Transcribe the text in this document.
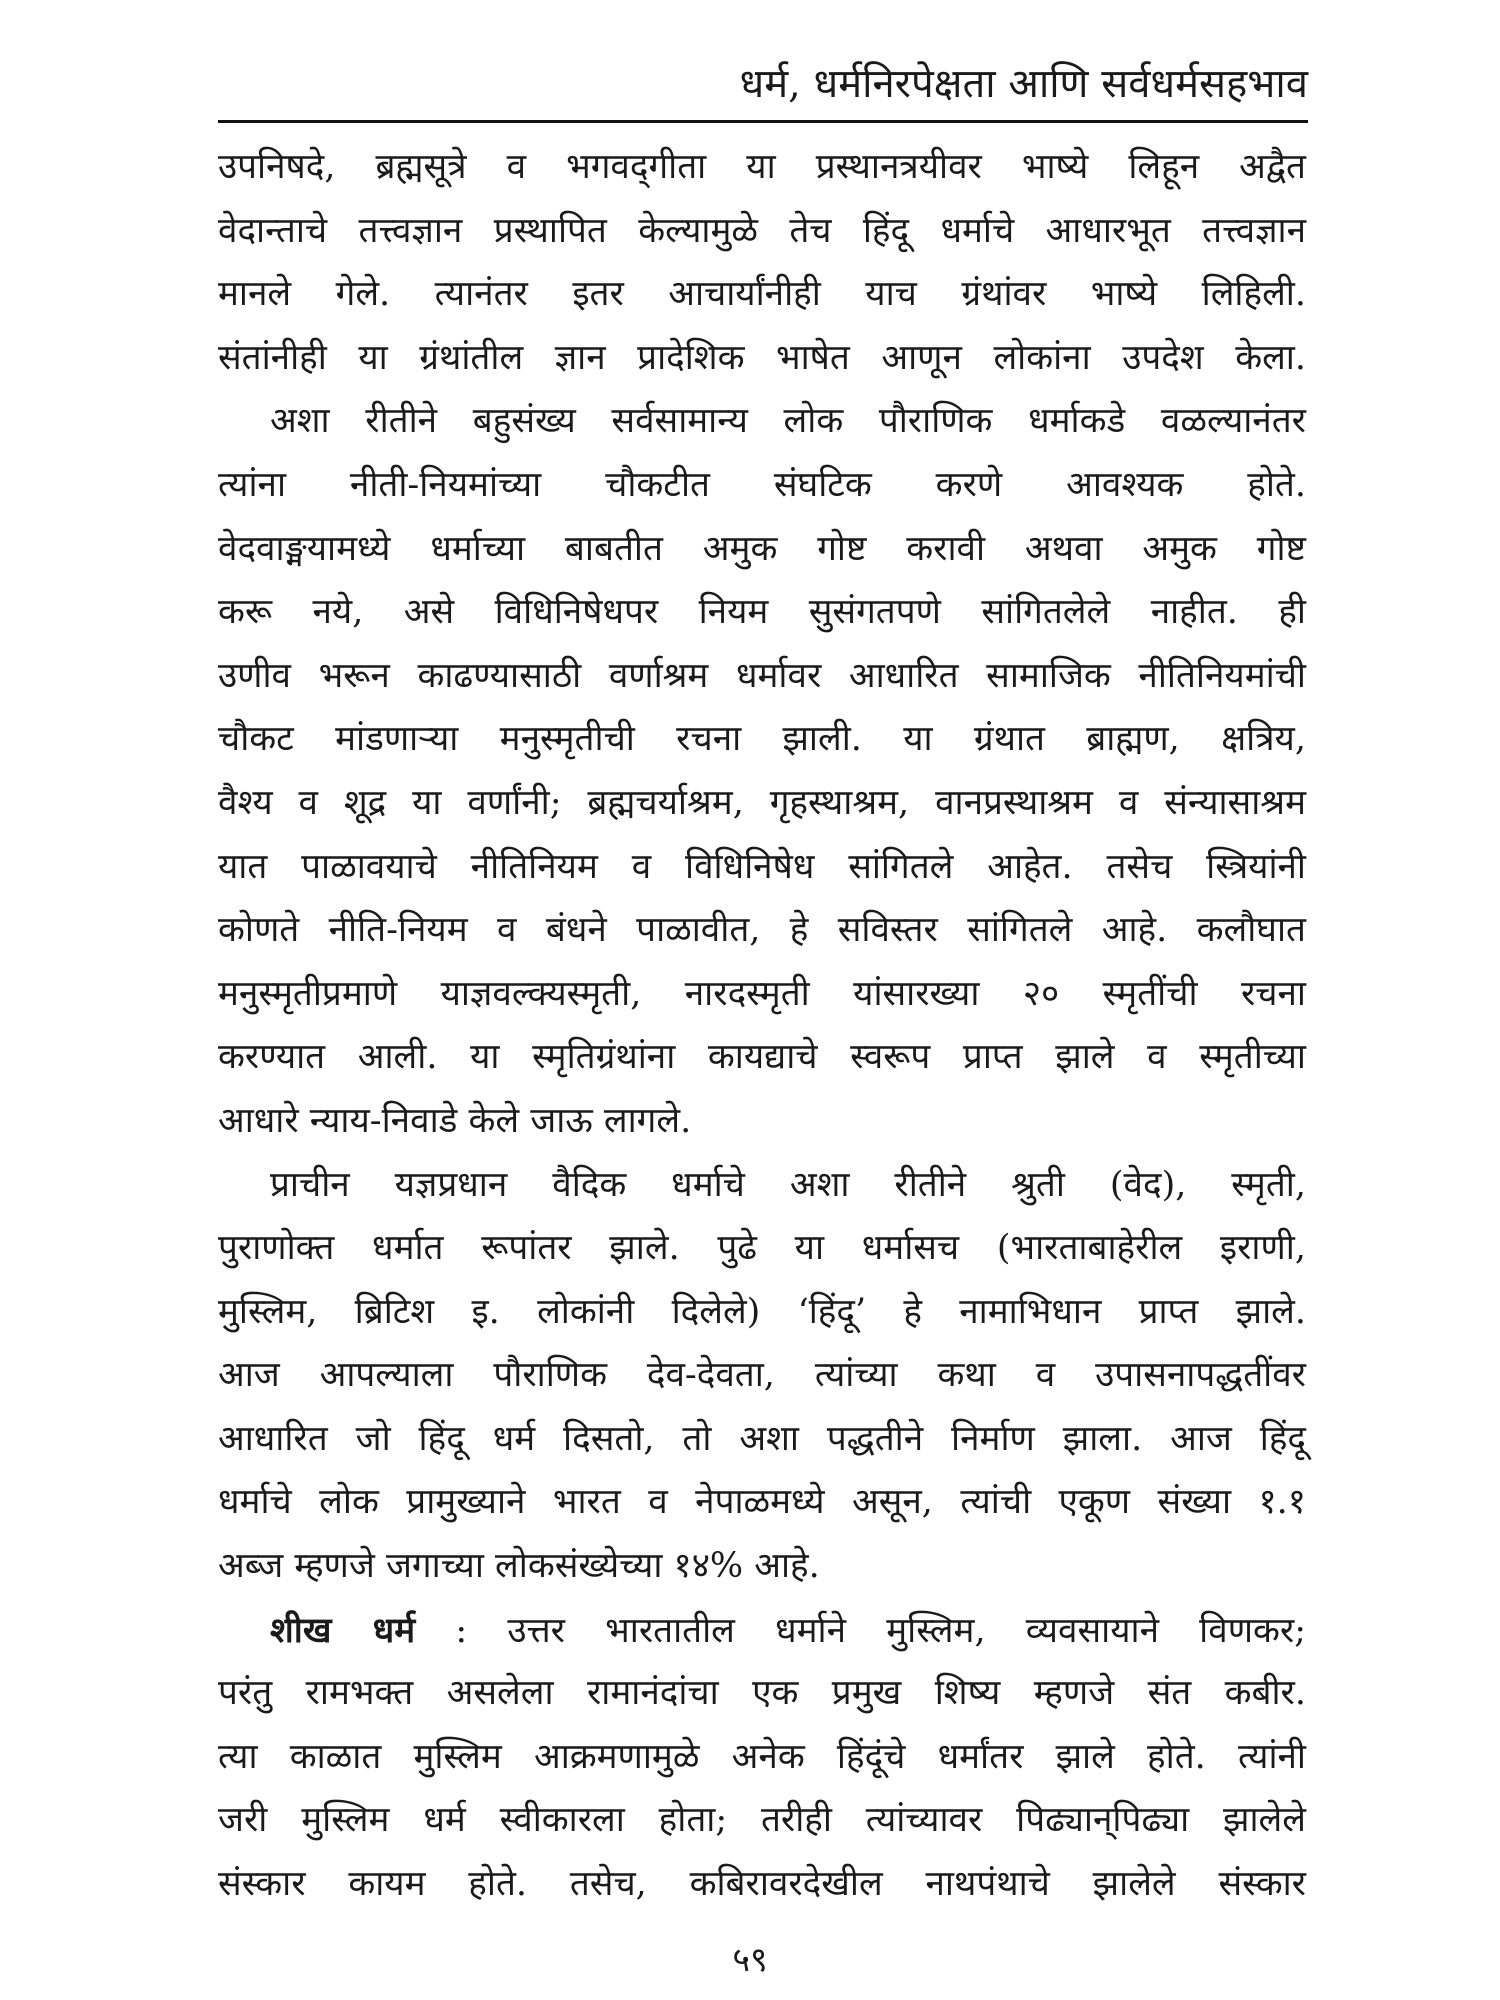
धर्म, धर्मनिरपेक्षता आणि सर्वधर्मसहभाव
उपनिषदे, ब्रह्मसूत्रे व भगवद्‌गीता या प्रस्थानत्रयीवर भाष्ये लिहून अद्वैत
वेदान्ताचे तत्त्वज्ञान प्रस्थापित केल्यामुळे तेच हिंदू धर्माचे आधारभूत तत्त्वज्ञान
मानले गेले. त्यानंतर इतर आचार्यांनीही याच ग्रंथांवर भाष्ये लिहिली.
संतांनीही या ग्रंथांतील ज्ञान प्रादेशिक भाषेत आणून लोकांना उपदेश केला.
अशा रीतीने बहुसंख्य सर्वसामान्य लोक पौराणिक धर्माकडे वळल्यानंतर
त्यांना नीती-नियमांच्या चौकटीत संघटिक करणे आवश्यक होते.
वेदवाङ्मयामध्ये धर्माच्या बाबतीत अमुक गोष्ट करावी अथवा अमुक गोष्ट
करू नये, असे विधिनिषेधपर नियम सुसंगतपणे सांगितलेले नाहीत. ही
उणीव भरून काढण्यासाठी वर्णाश्रम धर्मावर आधारित सामाजिक नीतिनियमांची
चौकट मांडणाऱ्या मनुस्मृतीची रचना झाली. या ग्रंथात ब्राह्मण, क्षत्रिय,
वैश्य व शूद्र या वर्णांनी; ब्रह्मचर्याश्रम, गृहस्थाश्रम, वानप्रस्थाश्रम व संन्यासाश्रम
यात पाळावयाचे नीतिनियम व विधिनिषेध सांगितले आहेत. तसेच स्त्रियांनी
कोणते नीति-नियम व बंधने पाळावीत, हे सविस्तर सांगितले आहे. कलौघात
मनुस्मृतीप्रमाणे याज्ञवल्क्यस्मृती, नारदस्मृती यांसारख्या २० स्मृतींची रचना
करण्यात आली. या स्मृतिग्रंथांना कायद्याचे स्वरूप प्राप्त झाले व स्मृतीच्या
आधारे न्याय-निवाडे केले जाऊ लागले.
प्राचीन यज्ञप्रधान वैदिक धर्माचे अशा रीतीने श्रुती (वेद), स्मृती,
पुराणोक्त धर्मात रूपांतर झाले. पुढे या धर्मासच (भारताबाहेरील इराणी,
मुस्लिम, ब्रिटिश इ. लोकांनी दिलेले) ‘हिंदू’ हे नामाभिधान प्राप्त झाले.
आज आपल्याला पौराणिक देव-देवता, त्यांच्या कथा व उपासनापद्धतींवर
आधारित जो हिंदू धर्म दिसतो, तो अशा पद्धतीने निर्माण झाला. आज हिंदू
धर्माचे लोक प्रामुख्याने भारत व नेपाळमध्ये असून, त्यांची एकूण संख्या १.१
अब्ज म्हणजे जगाच्या लोकसंख्येच्या १४% आहे.
शीख धर्म : उत्तर भारतातील धर्माने मुस्लिम, व्यवसायाने विणकर;
परंतु रामभक्त असलेला रामानंदांचा एक प्रमुख शिष्य म्हणजे संत कबीर.
त्या काळात मुस्लिम आक्रमणामुळे अनेक हिंदूंचे धर्मांतर झाले होते. त्यांनी
जरी मुस्लिम धर्म स्वीकारला होता; तरीही त्यांच्यावर पिढ्यान्‌पिढ्या झालेले
संस्कार कायम होते. तसेच, कबिरावरदेखील नाथपंथाचे झालेले संस्कार
५९
